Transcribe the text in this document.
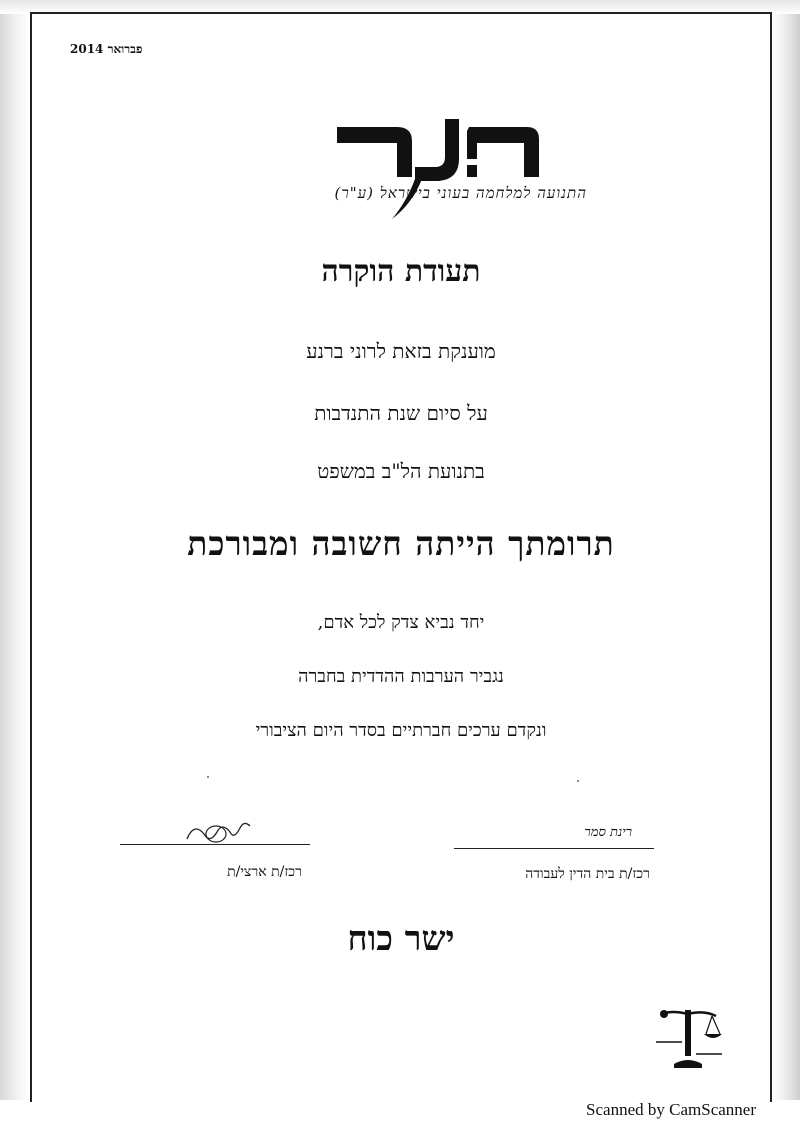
פברואר 2014
התנועה למלחמה בעוני בישראל (ע"ר)
תעודת הוקרה
מוענקת בזאת לרוני ברנע
על סיום שנת התנדבות
בתנועת הל"ב במשפט
תרומתך הייתה חשובה ומבורכת
יחד נביא צדק לכל אדם,
נגביר הערבות ההדדית בחברה
ונקדם ערכים חברתיים בסדר היום הציבורי
רכז/ת ארצי/ת
רינת סמר
רכז/ת בית הדין לעבודה
ישר כוח
Scanned by CamScanner
